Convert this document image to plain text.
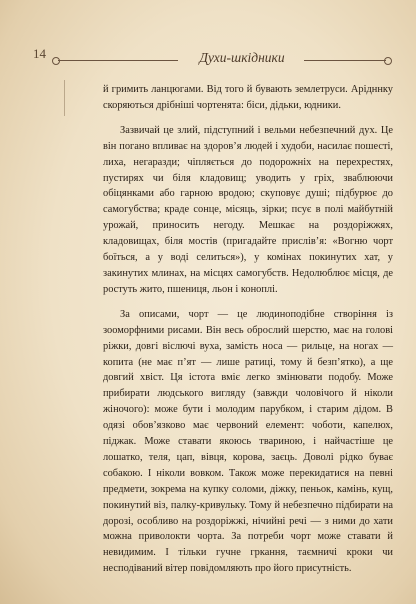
14	Духи-шкідники

й гримить ланцюгами. Від того й бувають землетруси. Арідннку скоряються дрібніші чортенята: біси, дідьки, юдники.

Зазвичай це злий, підступний і вельми небезпечний дух. Це він погано впливає на здоров’я людей і худоби, насилає пошесті, лиха, негаразди; чіпляється до подорожніх на перехрестях, пустирях чи біля кладовищ; уводить у гріх, зваблюючи обіцянками або гарною вродою; скуповує душі; підбурює до самогубства; краде сонце, місяць, зірки; псує в полі майбутній урожай, приносить негоду. Мешкає на роздоріжжях, кладовищах, біля мостів (пригадайте прислів’я: «Вогню чорт боїться, а у воді селиться»), у комінах покинутих хат, у закинутих млинах, на місцях самогубств. Недолюблює місця, де ростуть жито, пшениця, льон і коноплі.

За описами, чорт — це людиноподібне створіння із зооморфними рисами. Він весь оброслий шерстю, має на голові ріжки, довгі віслючі вуха, замість носа — рильце, на ногах — копита (не має п’ят — лише ратиці, тому й безп’ятко), а ще довгий хвіст. Ця істота вміє легко змінювати подобу. Може прибирати людського вигляду (завжди чоловічого й ніколи жіночого): може бути і молодим парубком, і старим дідом. В одязі обов’язково має червоний елемент: чоботи, капелюх, піджак. Може ставати якоюсь твариною, і найчастіше це лошатко, теля, цап, вівця, корова, заєць. Доволі рідко буває собакою. І ніколи вовком. Також може перекидатися на певні предмети, зокрема на купку соломи, діжку, пеньок, камінь, кущ, покинутий віз, палку-кривульку. Тому й небезпечно підбирати на дорозі, особливо на роздоріжжі, нічийні речі — з ними до хати можна приволокти чорта. За потреби чорт може ставати й невидимим. І тільки гучне гркання, таємничі кроки чи несподіваний вітер повідомляють про його присутність.
